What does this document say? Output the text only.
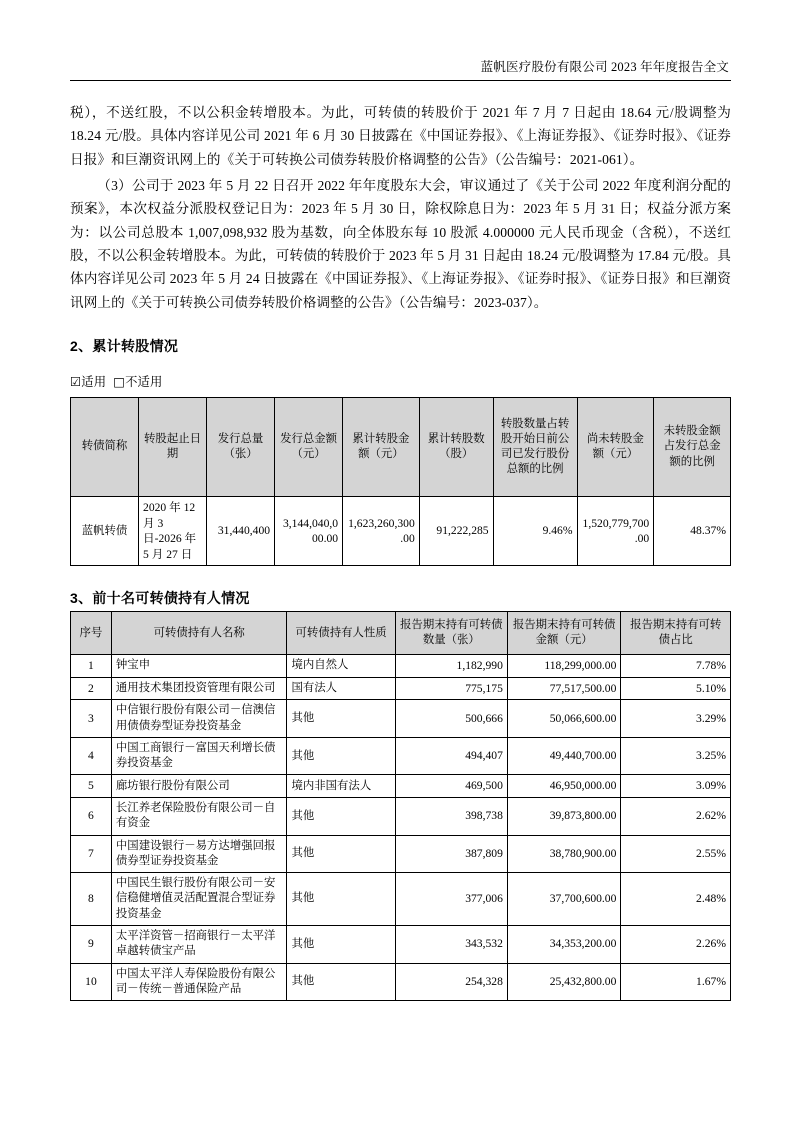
蓝帆医疗股份有限公司 2023 年年度报告全文

税），不送红股，不以公积金转增股本。为此，可转债的转股价于 2021 年 7 月 7 日起由 18.64 元/股调整为 18.24 元/股。具体内容详见公司 2021 年 6 月 30 日披露在《中国证券报》、《上海证券报》、《证券时报》、《证券日报》和巨潮资讯网上的《关于可转换公司债券转股价格调整的公告》（公告编号：2021-061）。

（3）公司于 2023 年 5 月 22 日召开 2022 年年度股东大会，审议通过了《关于公司 2022 年度利润分配的预案》，本次权益分派股权登记日为：2023 年 5 月 30 日，除权除息日为：2023 年 5 月 31 日；权益分派方案为：以公司总股本 1,007,098,932 股为基数，向全体股东每 10 股派 4.000000 元人民币现金（含税），不送红股，不以公积金转增股本。为此，可转债的转股价于 2023 年 5 月 31 日起由 18.24 元/股调整为 17.84 元/股。具体内容详见公司 2023 年 5 月 24 日披露在《中国证券报》、《上海证券报》、《证券时报》、《证券日报》和巨潮资讯网上的《关于可转换公司债券转股价格调整的公告》（公告编号：2023-037）。

2、累计转股情况
☑适用 □不适用
转债简称	转股起止日期	发行总量（张）	发行总金额（元）	累计转股金额（元）	累计转股数（股）	转股数量占转股开始日前公司已发行股份总额的比例	尚未转股金额（元）	未转股金额占发行总金额的比例
蓝帆转债	2020 年 12 月 3 日-2026 年 5 月 27 日	31,440,400	3,144,040,000.00	1,623,260,300.00	91,222,285	9.46%	1,520,779,700.00	48.37%
3、前十名可转债持有人情况
序号	可转债持有人名称	可转债持有人性质	报告期末持有可转债数量（张）	报告期末持有可转债金额（元）	报告期末持有可转债占比
1	钟宝申	境内自然人	1,182,990	118,299,000.00	7.78%
2	通用技术集团投资管理有限公司	国有法人	775,175	77,517,500.00	5.10%
3	中信银行股份有限公司－信澳信用债债券型证券投资基金	其他	500,666	50,066,600.00	3.29%
4	中国工商银行－富国天利增长债券投资基金	其他	494,407	49,440,700.00	3.25%
5	廊坊银行股份有限公司	境内非国有法人	469,500	46,950,000.00	3.09%
6	长江养老保险股份有限公司－自有资金	其他	398,738	39,873,800.00	2.62%
7	中国建设银行－易方达增强回报债券型证券投资基金	其他	387,809	38,780,900.00	2.55%
8	中国民生银行股份有限公司－安信稳健增值灵活配置混合型证券投资基金	其他	377,006	37,700,600.00	2.48%
9	太平洋资管－招商银行－太平洋卓越转债宝产品	其他	343,532	34,353,200.00	2.26%
10	中国太平洋人寿保险股份有限公司－传统－普通保险产品	其他	254,328	25,432,800.00	1.67%
